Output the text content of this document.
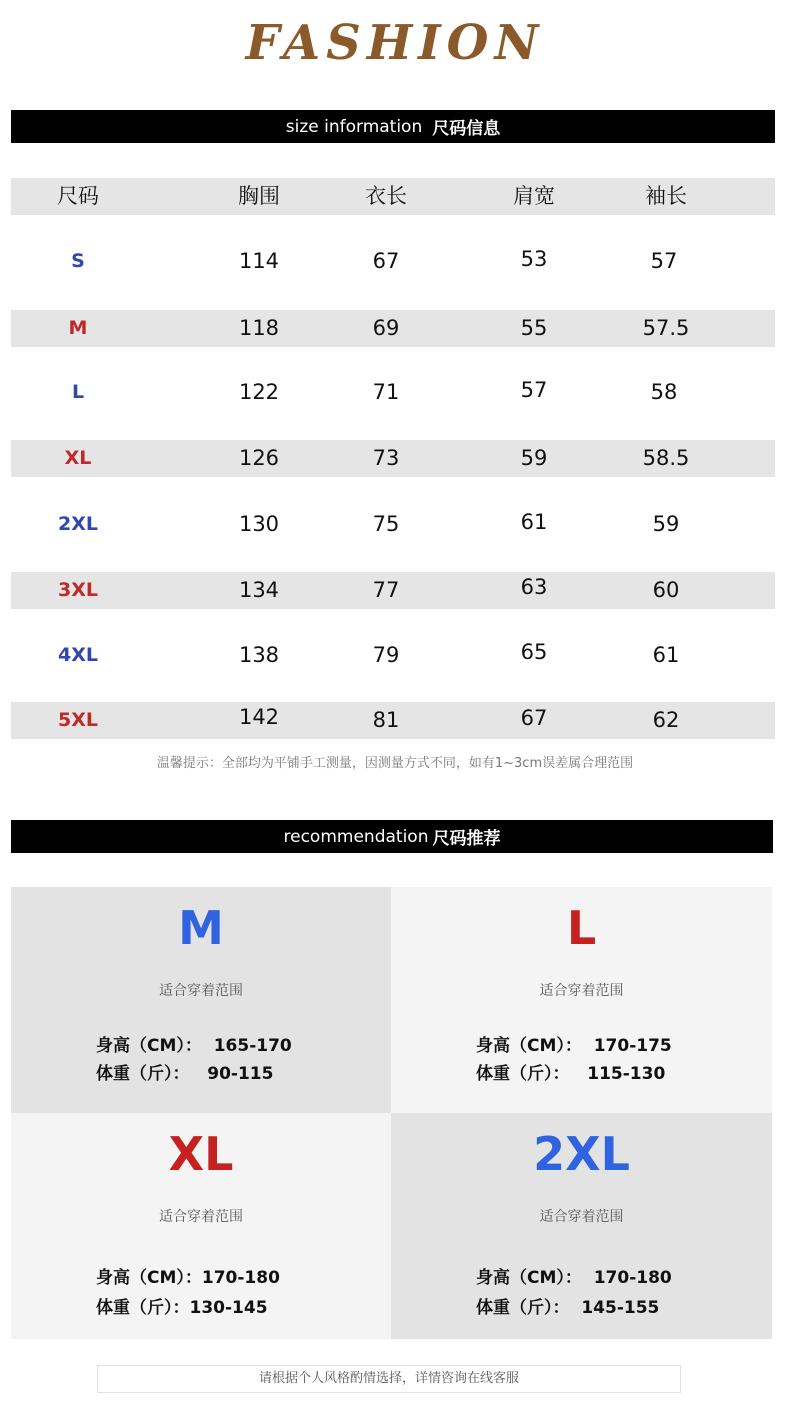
FASHION
size information 尺码信息
尺码	胸围	衣长	肩宽	袖长
S	114	67	53	57
M	118	69	55	57.5
L	122	71	57	58
XL	126	73	59	58.5
2XL	130	75	61	59
3XL	134	77	63	60
4XL	138	79	65	61
5XL	142	81	67	62
温馨提示：全部均为平铺手工测量，因测量方式不同，如有1~3cm误差属合理范围
recommendation 尺码推荐
M
适合穿着范围
身高（CM）：  165-170
体重（斤）：   90-115
L
适合穿着范围
身高（CM）：  170-175
体重（斤）：   115-130
XL
适合穿着范围
身高（CM）：170-180
体重（斤）：130-145
2XL
适合穿着范围
身高（CM）：  170-180
体重（斤）：  145-155
请根据个人风格酌情选择，详情咨询在线客服
